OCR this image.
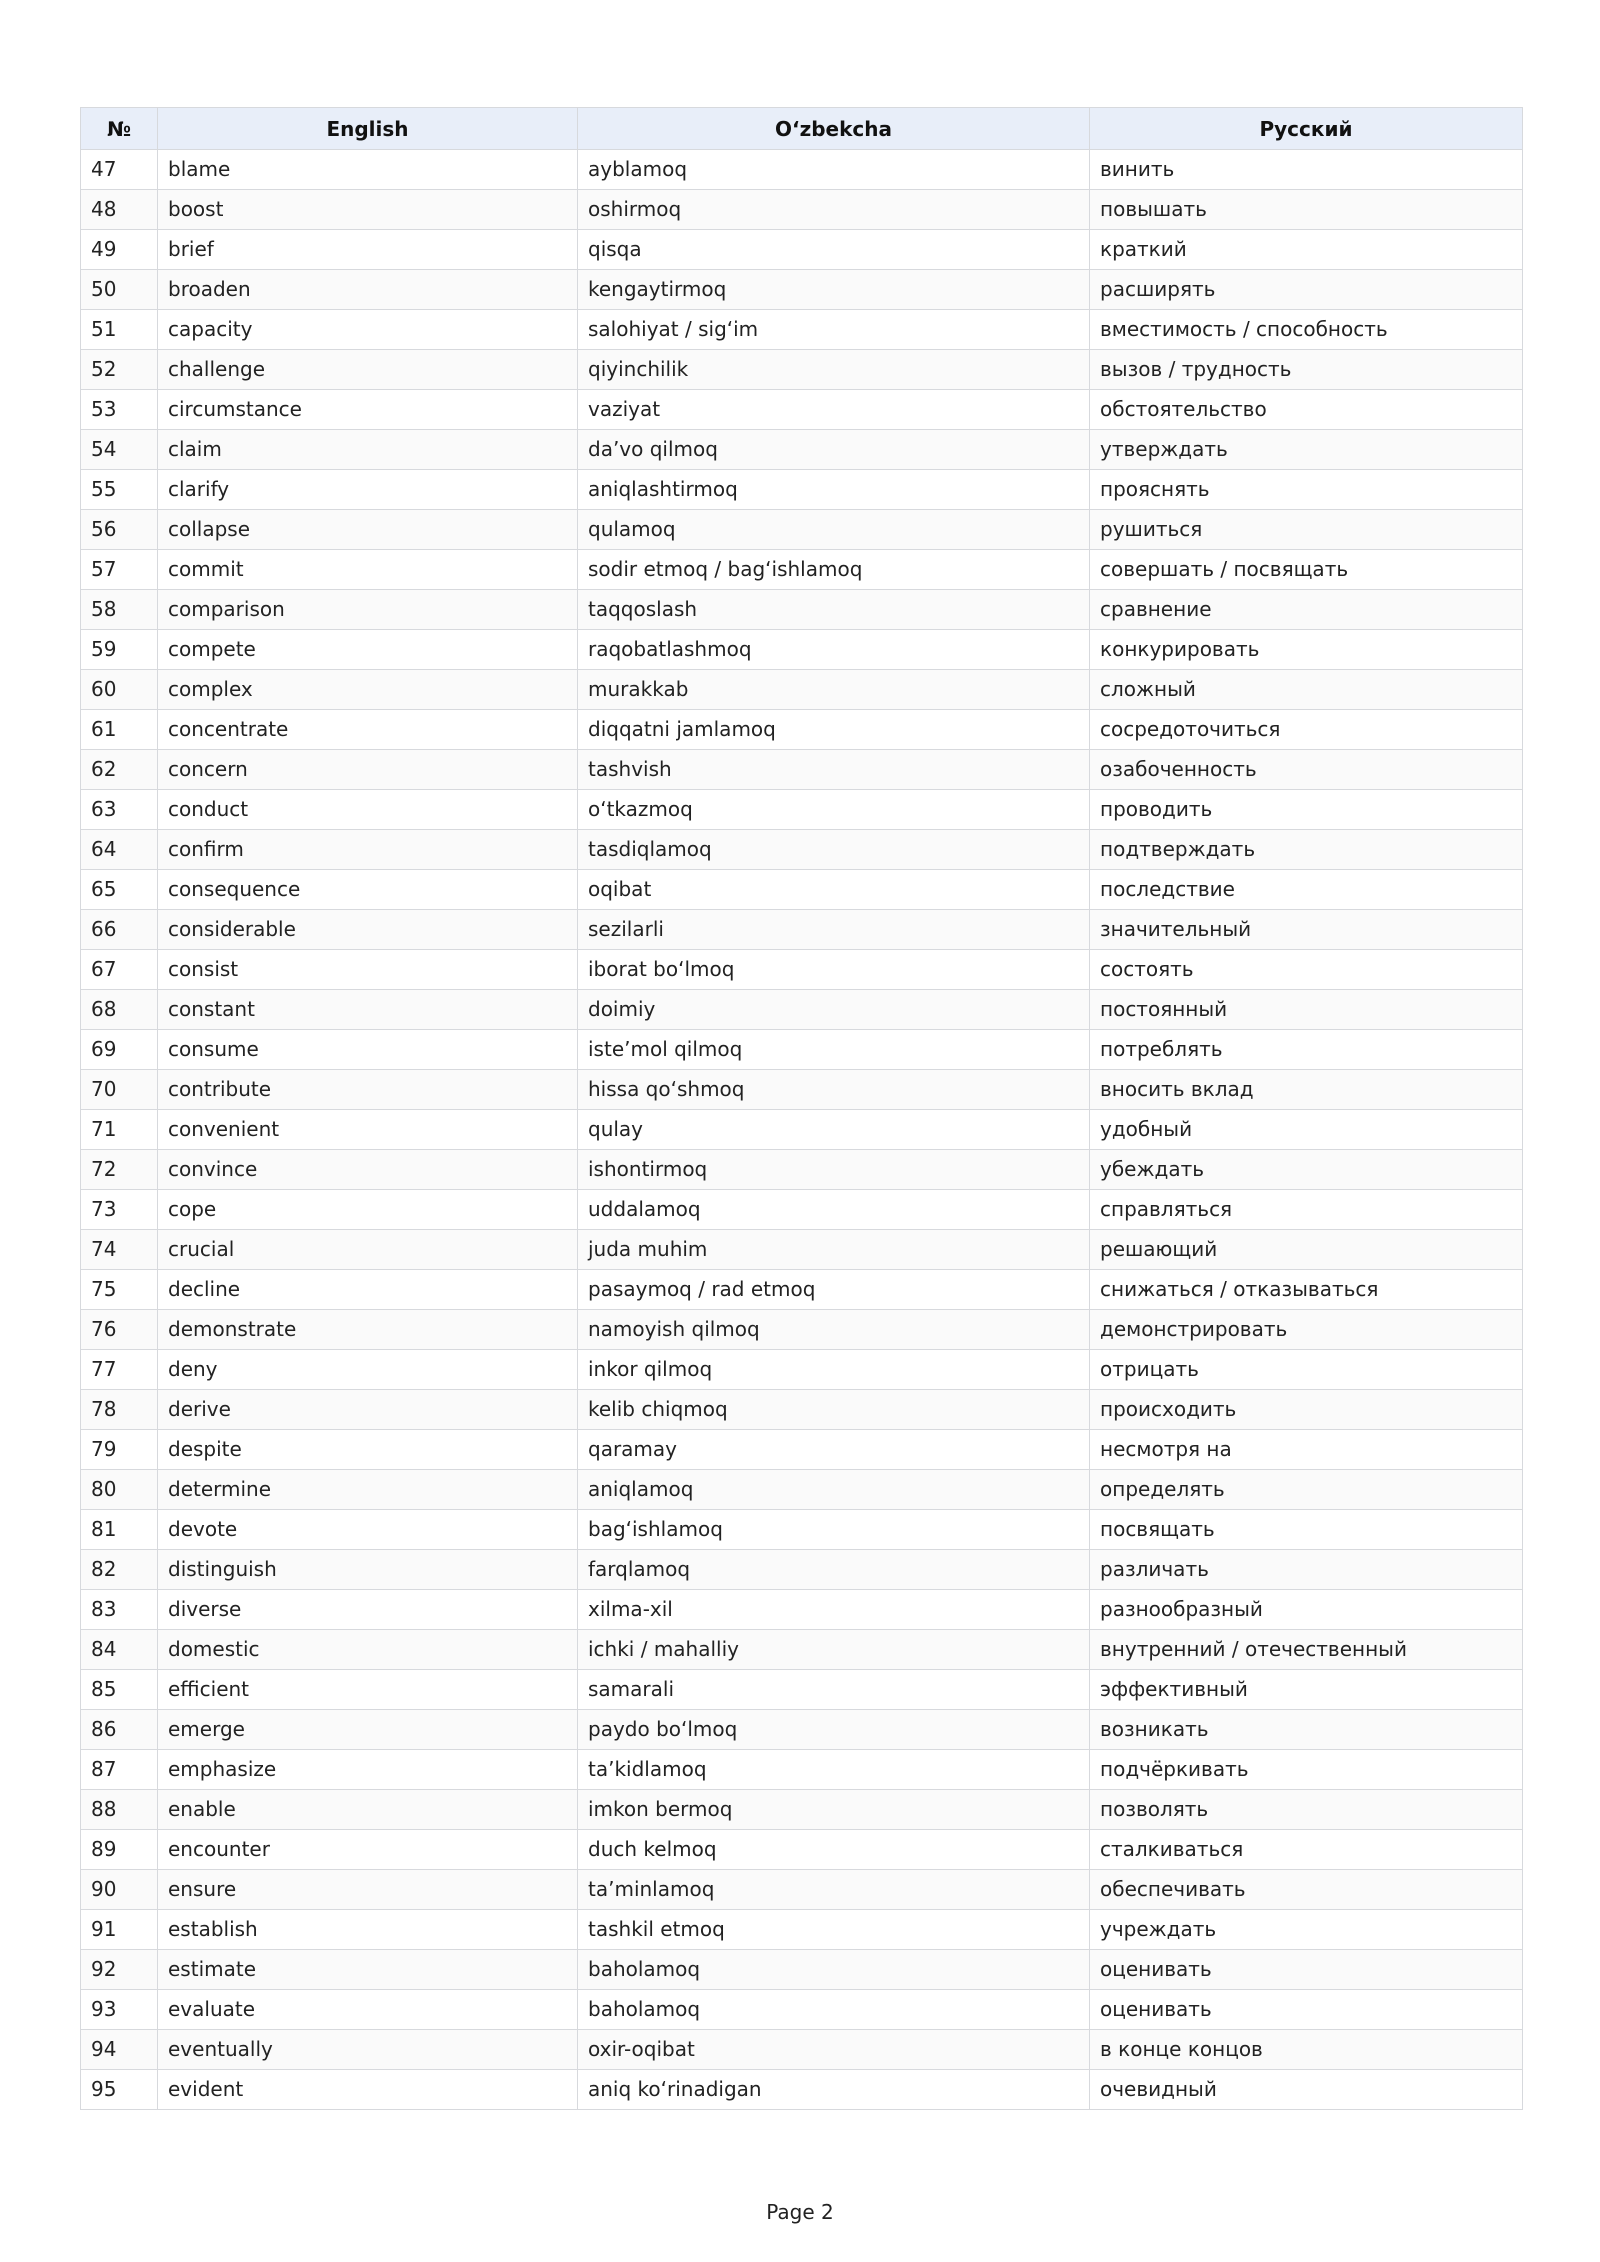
№	English	O‘zbekcha	Русский
47	blame	ayblamoq	винить
48	boost	oshirmoq	повышать
49	brief	qisqa	краткий
50	broaden	kengaytirmoq	расширять
51	capacity	salohiyat / sig‘im	вместимость / способность
52	challenge	qiyinchilik	вызов / трудность
53	circumstance	vaziyat	обстоятельство
54	claim	da’vo qilmoq	утверждать
55	clarify	aniqlashtirmoq	прояснять
56	collapse	qulamoq	рушиться
57	commit	sodir etmoq / bag‘ishlamoq	совершать / посвящать
58	comparison	taqqoslash	сравнение
59	compete	raqobatlashmoq	конкурировать
60	complex	murakkab	сложный
61	concentrate	diqqatni jamlamoq	сосредоточиться
62	concern	tashvish	озабоченность
63	conduct	o‘tkazmoq	проводить
64	confirm	tasdiqlamoq	подтверждать
65	consequence	oqibat	последствие
66	considerable	sezilarli	значительный
67	consist	iborat bo‘lmoq	состоять
68	constant	doimiy	постоянный
69	consume	iste’mol qilmoq	потреблять
70	contribute	hissa qo‘shmoq	вносить вклад
71	convenient	qulay	удобный
72	convince	ishontirmoq	убеждать
73	cope	uddalamoq	справляться
74	crucial	juda muhim	решающий
75	decline	pasaymoq / rad etmoq	снижаться / отказываться
76	demonstrate	namoyish qilmoq	демонстрировать
77	deny	inkor qilmoq	отрицать
78	derive	kelib chiqmoq	происходить
79	despite	qaramay	несмотря на
80	determine	aniqlamoq	определять
81	devote	bag‘ishlamoq	посвящать
82	distinguish	farqlamoq	различать
83	diverse	xilma-xil	разнообразный
84	domestic	ichki / mahalliy	внутренний / отечественный
85	efficient	samarali	эффективный
86	emerge	paydo bo‘lmoq	возникать
87	emphasize	ta’kidlamoq	подчёркивать
88	enable	imkon bermoq	позволять
89	encounter	duch kelmoq	сталкиваться
90	ensure	ta’minlamoq	обеспечивать
91	establish	tashkil etmoq	учреждать
92	estimate	baholamoq	оценивать
93	evaluate	baholamoq	оценивать
94	eventually	oxir-oqibat	в конце концов
95	evident	aniq ko‘rinadigan	очевидный
Page 2
